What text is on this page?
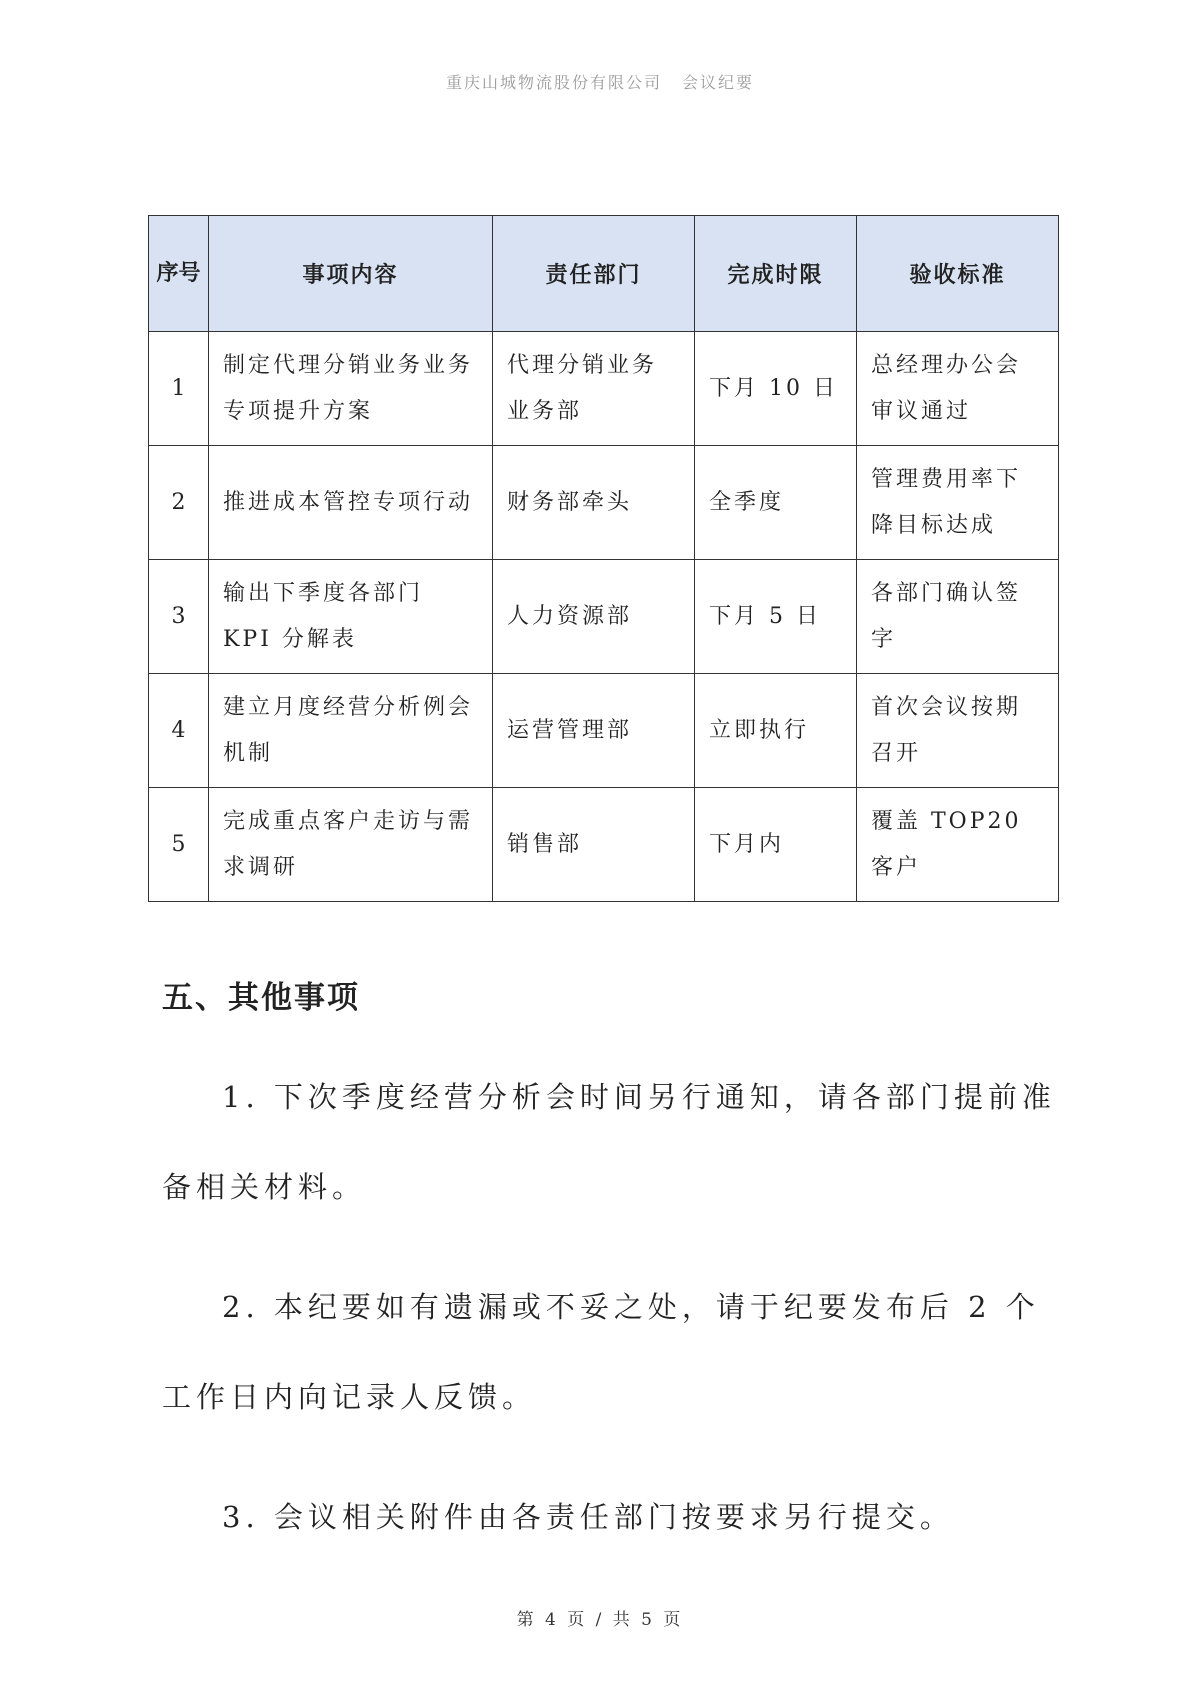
重庆山城物流股份有限公司 会议纪要
序号	事项内容	责任部门	完成时限	验收标准
1	制定代理分销业务业务专项提升方案	代理分销业务业务部	下月 10 日	总经理办公会审议通过
2	推进成本管控专项行动	财务部牵头	全季度	管理费用率下降目标达成
3	输出下季度各部门 KPI 分解表	人力资源部	下月 5 日	各部门确认签字
4	建立月度经营分析例会机制	运营管理部	立即执行	首次会议按期召开
5	完成重点客户走访与需求调研	销售部	下月内	覆盖 TOP20 客户
五、其他事项

1. 下次季度经营分析会时间另行通知，请各部门提前准备相关材料。

2. 本纪要如有遗漏或不妥之处，请于纪要发布后 2 个工作日内向记录人反馈。

3. 会议相关附件由各责任部门按要求另行提交。

第 4 页 / 共 5 页
